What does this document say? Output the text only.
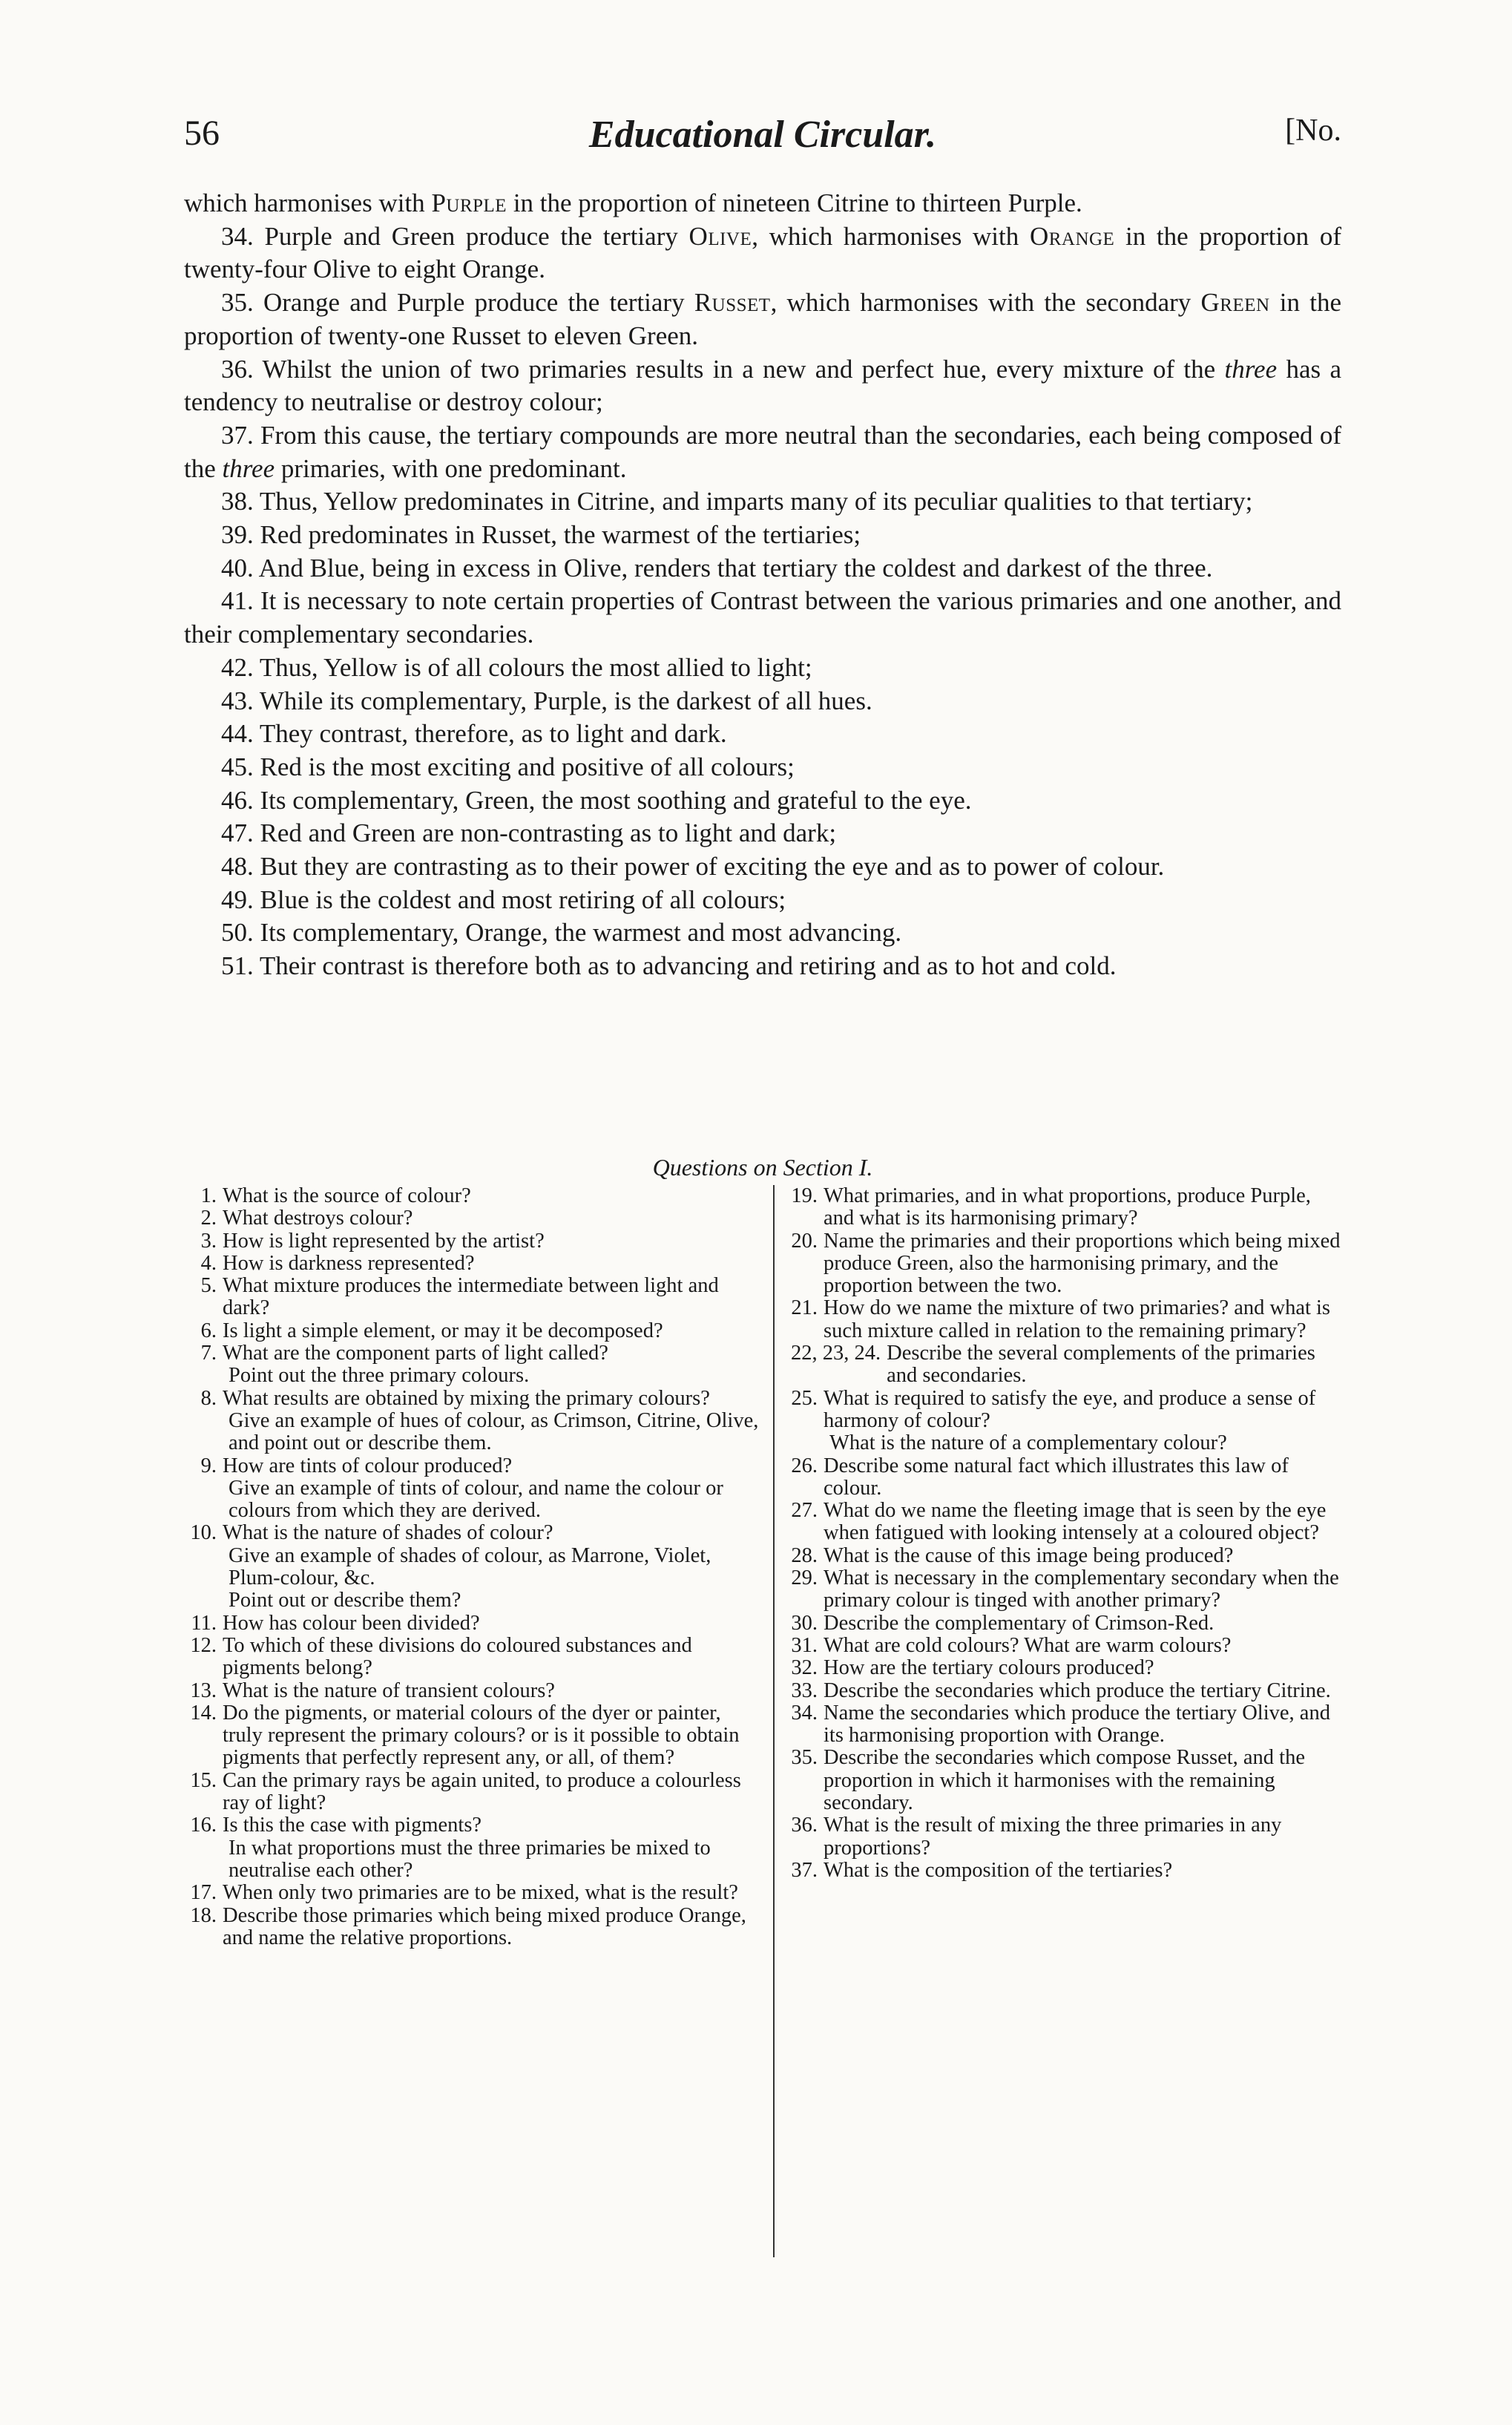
56	Educational Circular.	[No.

which harmonises with Purple in the proportion of nineteen Citrine to thirteen Purple.

34. Purple and Green produce the tertiary Olive, which harmonises with Orange in the proportion of twenty-four Olive to eight Orange.

35. Orange and Purple produce the tertiary Russet, which harmonises with the secondary Green in the proportion of twenty-one Russet to eleven Green.

36. Whilst the union of two primaries results in a new and perfect hue, every mixture of the three has a tendency to neutralise or destroy colour;

37. From this cause, the tertiary compounds are more neutral than the secondaries, each being composed of the three primaries, with one predominant.

38. Thus, Yellow predominates in Citrine, and imparts many of its peculiar qualities to that tertiary;

39. Red predominates in Russet, the warmest of the tertiaries;

40. And Blue, being in excess in Olive, renders that tertiary the coldest and darkest of the three.

41. It is necessary to note certain properties of Contrast between the various primaries and one another, and their complementary secondaries.

42. Thus, Yellow is of all colours the most allied to light;

43. While its complementary, Purple, is the darkest of all hues.

44. They contrast, therefore, as to light and dark.

45. Red is the most exciting and positive of all colours;

46. Its complementary, Green, the most soothing and grateful to the eye.

47. Red and Green are non-contrasting as to light and dark;

48. But they are contrasting as to their power of exciting the eye and as to power of colour.

49. Blue is the coldest and most retiring of all colours;

50. Its complementary, Orange, the warmest and most advancing.

51. Their contrast is therefore both as to advancing and retiring and as to hot and cold.

Questions on Section I.
1. What is the source of colour?
2. What destroys colour?
3. How is light represented by the artist?
4. How is darkness represented?
5. What mixture produces the intermediate between light and dark?
6. Is light a simple element, or may it be decomposed?
7. What are the component parts of light called?
Point out the three primary colours.
8. What results are obtained by mixing the primary colours?
Give an example of hues of colour, as Crimson, Citrine, Olive, and point out or describe them.
9. How are tints of colour produced?
Give an example of tints of colour, and name the colour or colours from which they are derived.
10. What is the nature of shades of colour?
Give an example of shades of colour, as Marrone, Violet, Plum-colour, &c.
Point out or describe them?
11. How has colour been divided?
12. To which of these divisions do coloured substances and pigments belong?
13. What is the nature of transient colours?
14. Do the pigments, or material colours of the dyer or painter, truly represent the primary colours? or is it possible to obtain pigments that perfectly represent any, or all, of them?
15. Can the primary rays be again united, to produce a colourless ray of light?
16. Is this the case with pigments?
In what proportions must the three primaries be mixed to neutralise each other?
17. When only two primaries are to be mixed, what is the result?
18. Describe those primaries which being mixed produce Orange, and name the relative proportions.
19. What primaries, and in what proportions, produce Purple, and what is its harmonising primary?
20. Name the primaries and their proportions which being mixed produce Green, also the harmonising primary, and the proportion between the two.
21. How do we name the mixture of two primaries? and what is such mixture called in relation to the remaining primary?
22, 23, 24. Describe the several complements of the primaries and secondaries.
25. What is required to satisfy the eye, and produce a sense of harmony of colour?
What is the nature of a complementary colour?
26. Describe some natural fact which illustrates this law of colour.
27. What do we name the fleeting image that is seen by the eye when fatigued with looking intensely at a coloured object?
28. What is the cause of this image being produced?
29. What is necessary in the complementary secondary when the primary colour is tinged with another primary?
30. Describe the complementary of Crimson-Red.
31. What are cold colours? What are warm colours?
32. How are the tertiary colours produced?
33. Describe the secondaries which produce the tertiary Citrine.
34. Name the secondaries which produce the tertiary Olive, and its harmonising proportion with Orange.
35. Describe the secondaries which compose Russet, and the proportion in which it harmonises with the remaining secondary.
36. What is the result of mixing the three primaries in any proportions?
37. What is the composition of the tertiaries?
